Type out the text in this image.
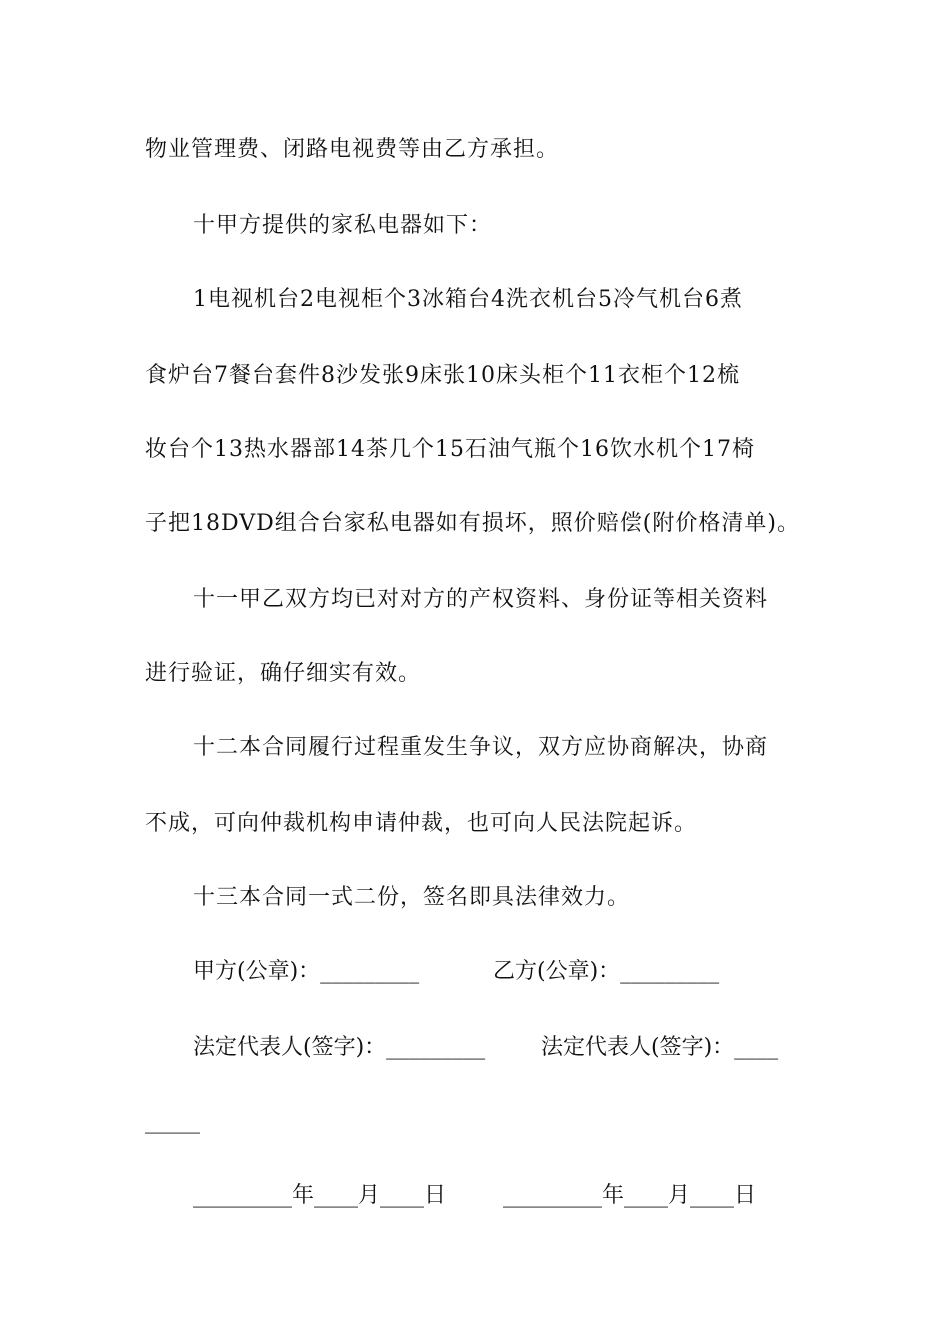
物业管理费、闭路电视费等由乙方承担。
十甲方提供的家私电器如下：
1电视机台2电视柜个3冰箱台4洗衣机台5冷气机台6煮
食炉台7餐台套件8沙发张9床张10床头柜个11衣柜个12梳
妆台个13热水器部14茶几个15石油气瓶个16饮水机个17椅
子把18DVD组合台家私电器如有损坏，照价赔偿(附价格清单)。
十一甲乙双方均已对对方的产权资料、身份证等相关资料
进行验证，确仔细实有效。
十二本合同履行过程重发生争议，双方应协商解决，协商
不成，可向仲裁机构申请仲裁，也可向人民法院起诉。
十三本合同一式二份，签名即具法律效力。
甲方(公章)：_________	乙方(公章)：_________
法定代表人(签字)：_________	法定代表人(签字)：____
_____
_________年____月____日	_________年____月____日
